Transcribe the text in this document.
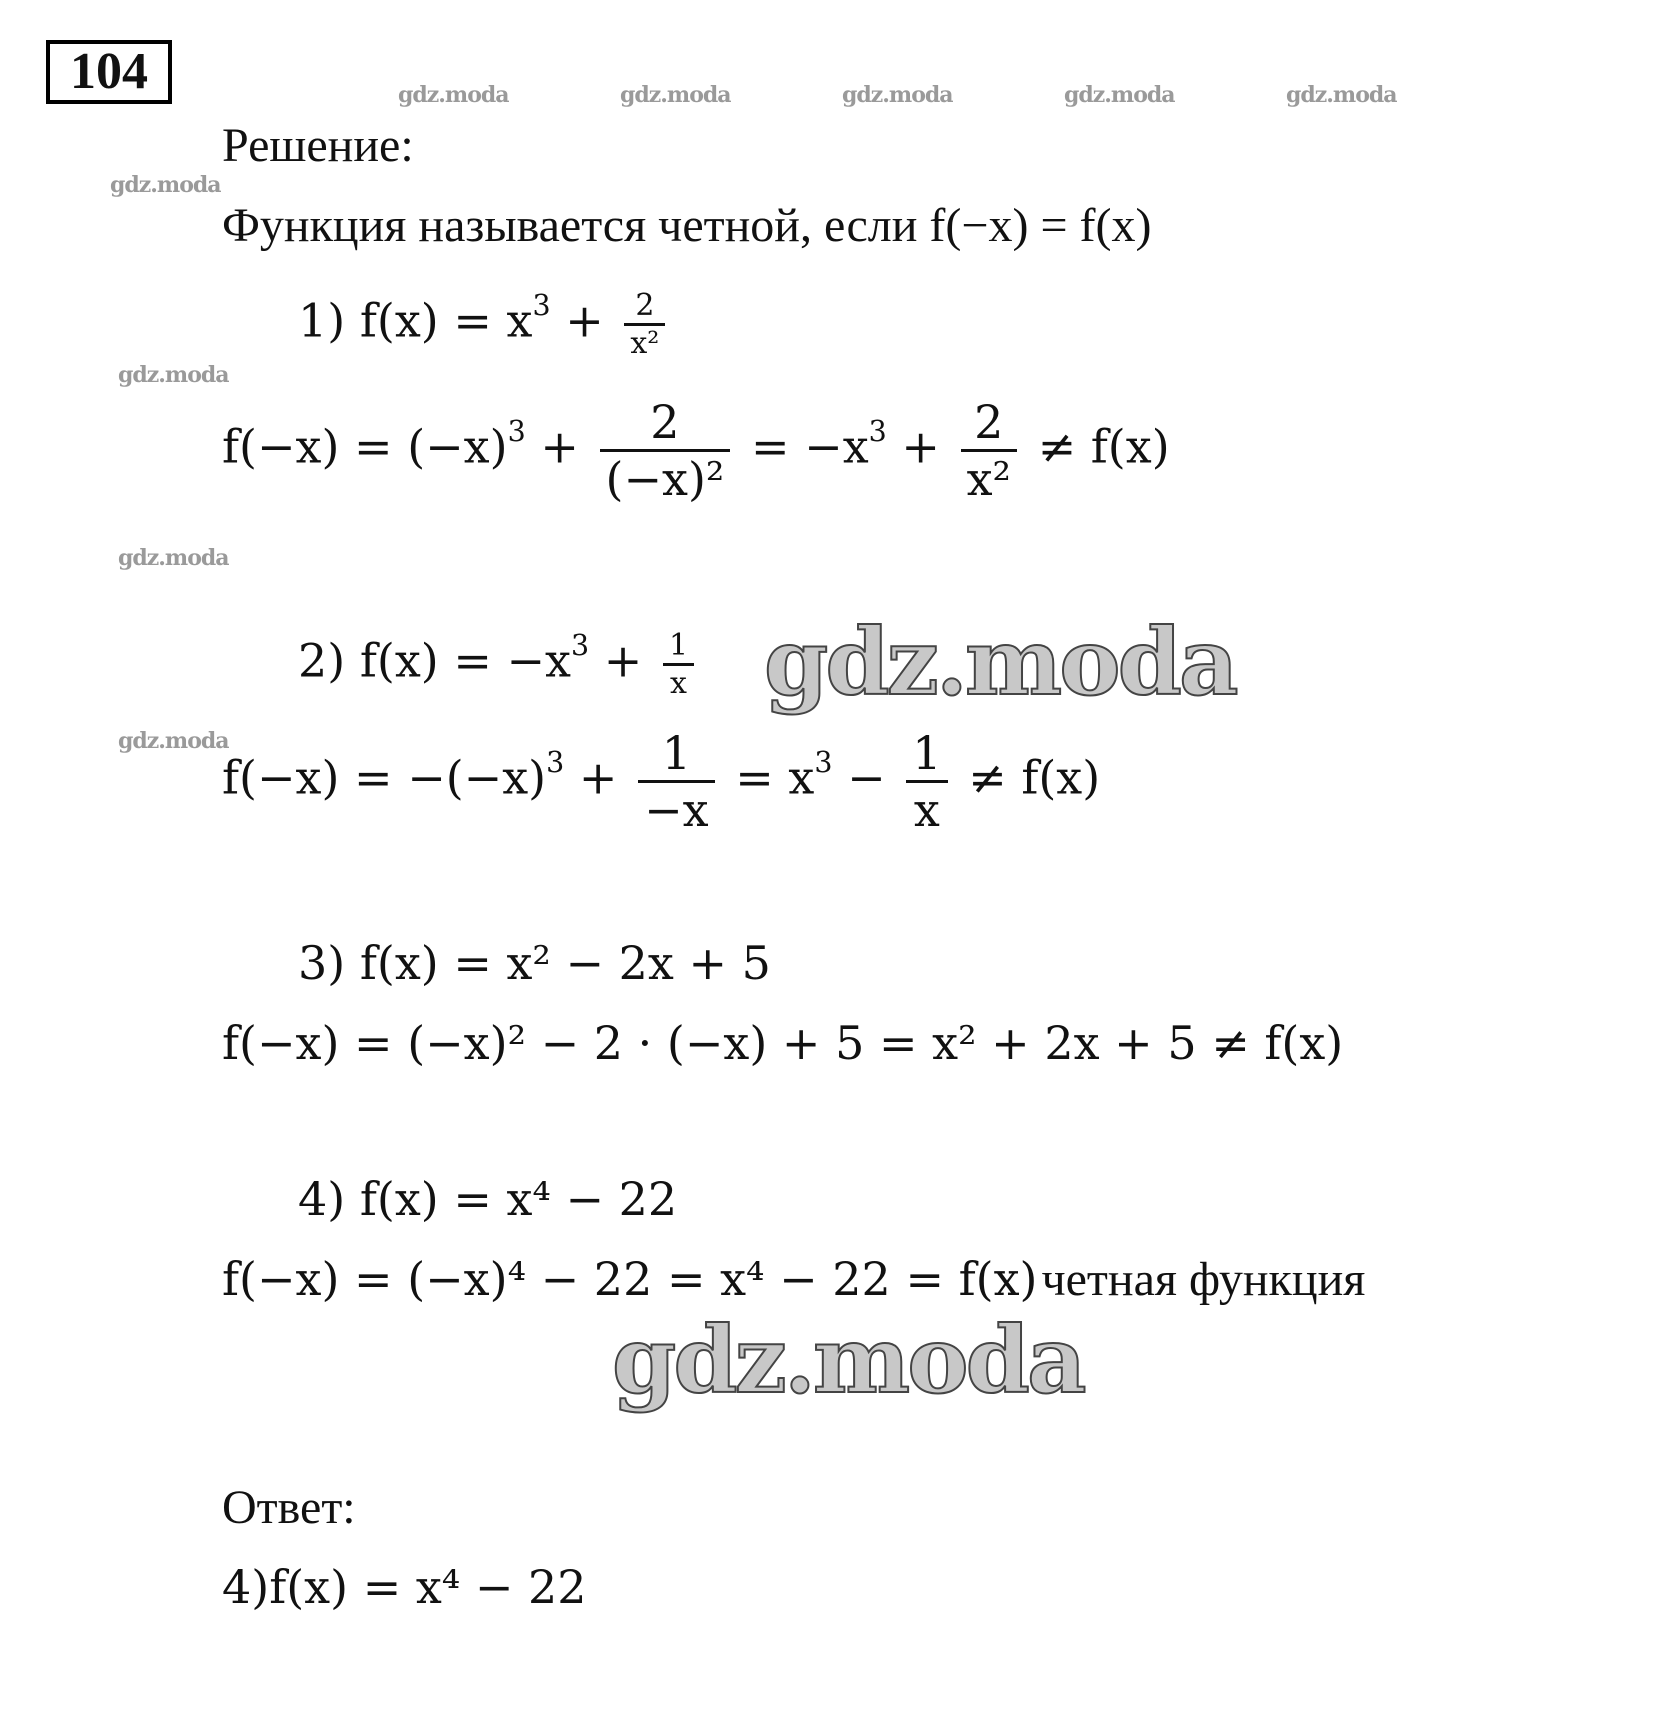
104	gdz.moda	gdz.moda	gdz.moda	gdz.moda	gdz.moda
gdz.moda
gdz.moda
gdz.moda
gdz.moda
Решение:
Функция называется четной, если f(−x) = f(x)
1) $f(x) = x^3 + \frac{2}{\text{x²}}$
$f(-x) = (-x)^3 + \frac{2}{\text{(−x)²}} = -x^3 + \frac{2}{\text{x²}} \ne f(x)$
2) $f(x) = -x^3 + \frac{1}{x}$ gdz.moda
$f(-x) = -(-x)^3 + \frac{1}{-x} = x^3 - \frac{1}{x} \ne f(x)$
3) f(x) = x² − 2x + 5
f(−x) = (−x)² − 2 · (−x) + 5 = x² + 2x + 5 ≠ f(x)
4) f(x) = x⁴ − 22
f(−x) = (−x)⁴ − 22 = x⁴ − 22 = f(x) четная функция
gdz.moda
Ответ:
4)f(x) = x⁴ − 22
